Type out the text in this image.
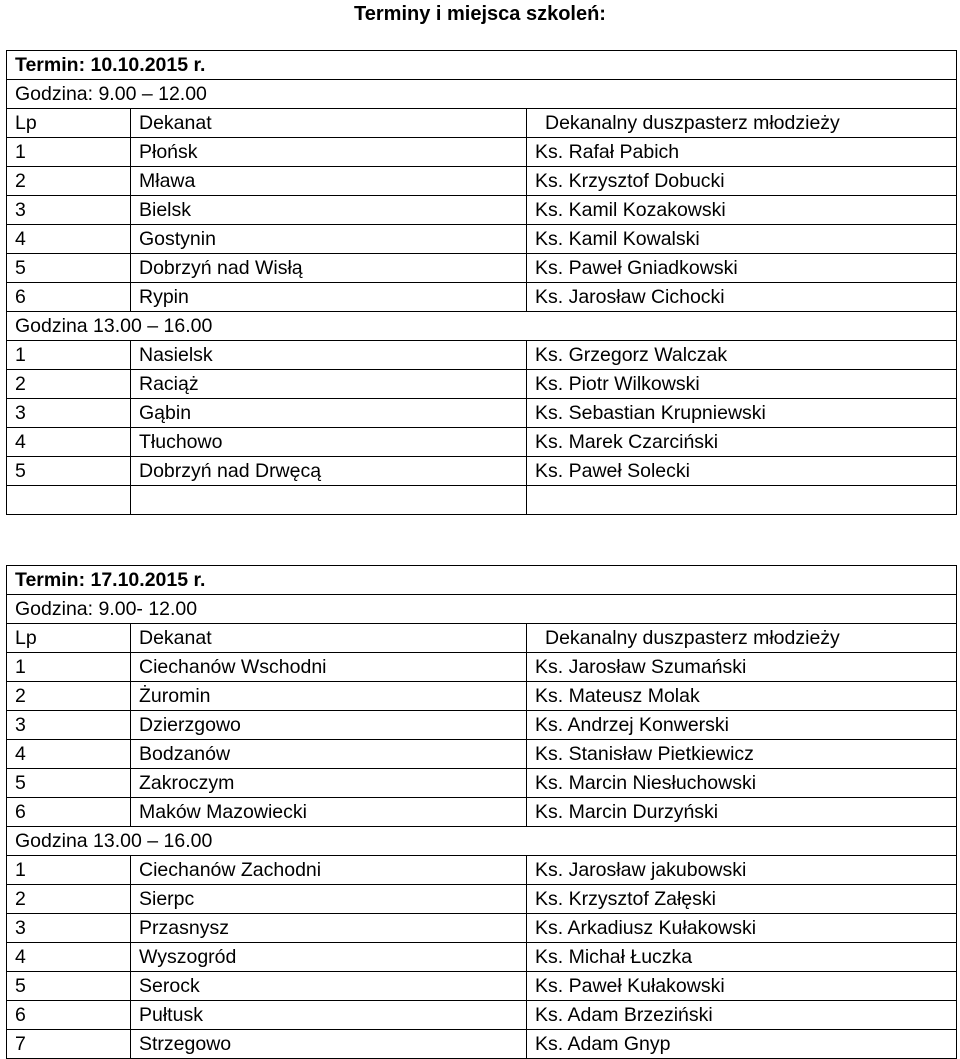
Terminy i miejsca szkoleń:
Termin: 10.10.2015 r.		
Godzina: 9.00 – 12.00		
Lp	Dekanat	Dekanalny duszpasterz młodzieży
1	Płońsk	Ks. Rafał Pabich
2	Mława	Ks. Krzysztof Dobucki
3	Bielsk	Ks. Kamil Kozakowski
4	Gostynin	Ks. Kamil Kowalski
5	Dobrzyń nad Wisłą	Ks. Paweł Gniadkowski
6	Rypin	Ks. Jarosław Cichocki
Godzina 13.00 – 16.00		
1	Nasielsk	Ks. Grzegorz Walczak
2	Raciąż	Ks. Piotr Wilkowski
3	Gąbin	Ks. Sebastian Krupniewski
4	Tłuchowo	Ks. Marek Czarciński
5	Dobrzyń nad Drwęcą	Ks. Paweł Solecki

Termin: 17.10.2015 r.		
Godzina: 9.00- 12.00		
Lp	Dekanat	Dekanalny duszpasterz młodzieży
1	Ciechanów Wschodni	Ks. Jarosław Szumański
2	Żuromin	Ks. Mateusz Molak
3	Dzierzgowo	Ks. Andrzej Konwerski
4	Bodzanów	Ks. Stanisław Pietkiewicz
5	Zakroczym	Ks. Marcin Niesłuchowski
6	Maków Mazowiecki	Ks. Marcin Durzyński
Godzina 13.00 – 16.00		
1	Ciechanów Zachodni	Ks. Jarosław jakubowski
2	Sierpc	Ks. Krzysztof Załęski
3	Przasnysz	Ks. Arkadiusz Kułakowski
4	Wyszogród	Ks. Michał Łuczka
5	Serock	Ks. Paweł Kułakowski
6	Pułtusk	Ks. Adam Brzeziński
7	Strzegowo	Ks. Adam Gnyp
